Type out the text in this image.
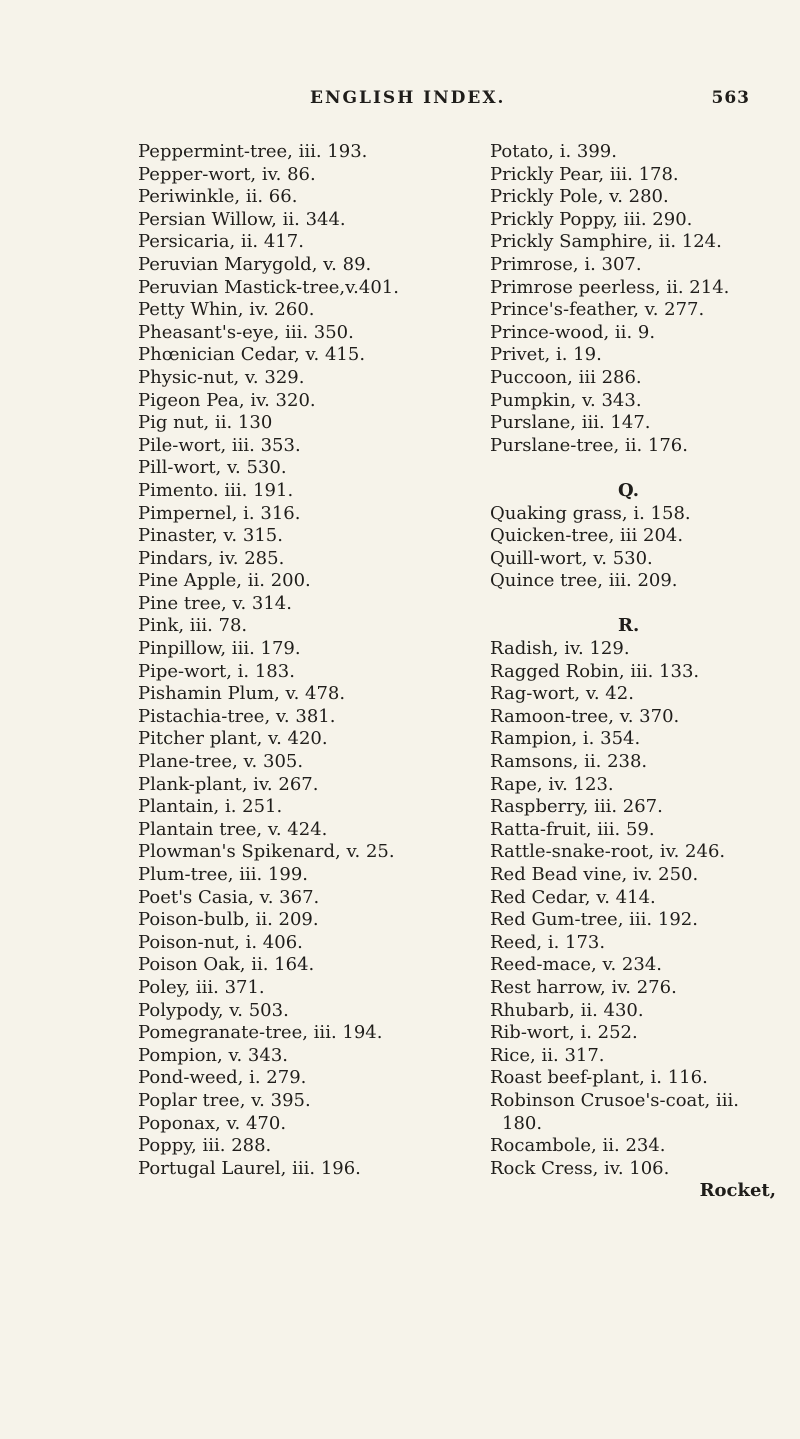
ENGLISH INDEX.	563
Peppermint-tree, iii. 193.
Pepper-wort, iv. 86.
Periwinkle, ii. 66.
Persian Willow, ii. 344.
Persicaria, ii. 417.
Peruvian Marygold, v. 89.
Peruvian Mastick-tree,v.401.
Petty Whin, iv. 260.
Pheasant's-eye, iii. 350.
Phœnician Cedar, v. 415.
Physic-nut, v. 329.
Pigeon Pea, iv. 320.
Pig nut, ii. 130
Pile-wort, iii. 353.
Pill-wort, v. 530.
Pimento. iii. 191.
Pimpernel, i. 316.
Pinaster, v. 315.
Pindars, iv. 285.
Pine Apple, ii. 200.
Pine tree, v. 314.
Pink, iii. 78.
Pinpillow, iii. 179.
Pipe-wort, i. 183.
Pishamin Plum, v. 478.
Pistachia-tree, v. 381.
Pitcher plant, v. 420.
Plane-tree, v. 305.
Plank-plant, iv. 267.
Plantain, i. 251.
Plantain tree, v. 424.
Plowman's Spikenard, v. 25.
Plum-tree, iii. 199.
Poet's Casia, v. 367.
Poison-bulb, ii. 209.
Poison-nut, i. 406.
Poison Oak, ii. 164.
Poley, iii. 371.
Polypody, v. 503.
Pomegranate-tree, iii. 194.
Pompion, v. 343.
Pond-weed, i. 279.
Poplar tree, v. 395.
Poponax, v. 470.
Poppy, iii. 288.
Portugal Laurel, iii. 196.
Potato, i. 399.
Prickly Pear, iii. 178.
Prickly Pole, v. 280.
Prickly Poppy, iii. 290.
Prickly Samphire, ii. 124.
Primrose, i. 307.
Primrose peerless, ii. 214.
Prince's-feather, v. 277.
Prince-wood, ii. 9.
Privet, i. 19.
Puccoon, iii 286.
Pumpkin, v. 343.
Purslane, iii. 147.
Purslane-tree, ii. 176.
Q.
Quaking grass, i. 158.
Quicken-tree, iii 204.
Quill-wort, v. 530.
Quince tree, iii. 209.
R.
Radish, iv. 129.
Ragged Robin, iii. 133.
Rag-wort, v. 42.
Ramoon-tree, v. 370.
Rampion, i. 354.
Ramsons, ii. 238.
Rape, iv. 123.
Raspberry, iii. 267.
Ratta-fruit, iii. 59.
Rattle-snake-root, iv. 246.
Red Bead vine, iv. 250.
Red Cedar, v. 414.
Red Gum-tree, iii. 192.
Reed, i. 173.
Reed-mace, v. 234.
Rest harrow, iv. 276.
Rhubarb, ii. 430.
Rib-wort, i. 252.
Rice, ii. 317.
Roast beef-plant, i. 116.
Robinson Crusoe's-coat, iii.
180.
Rocambole, ii. 234.
Rock Cress, iv. 106.
Rocket,
